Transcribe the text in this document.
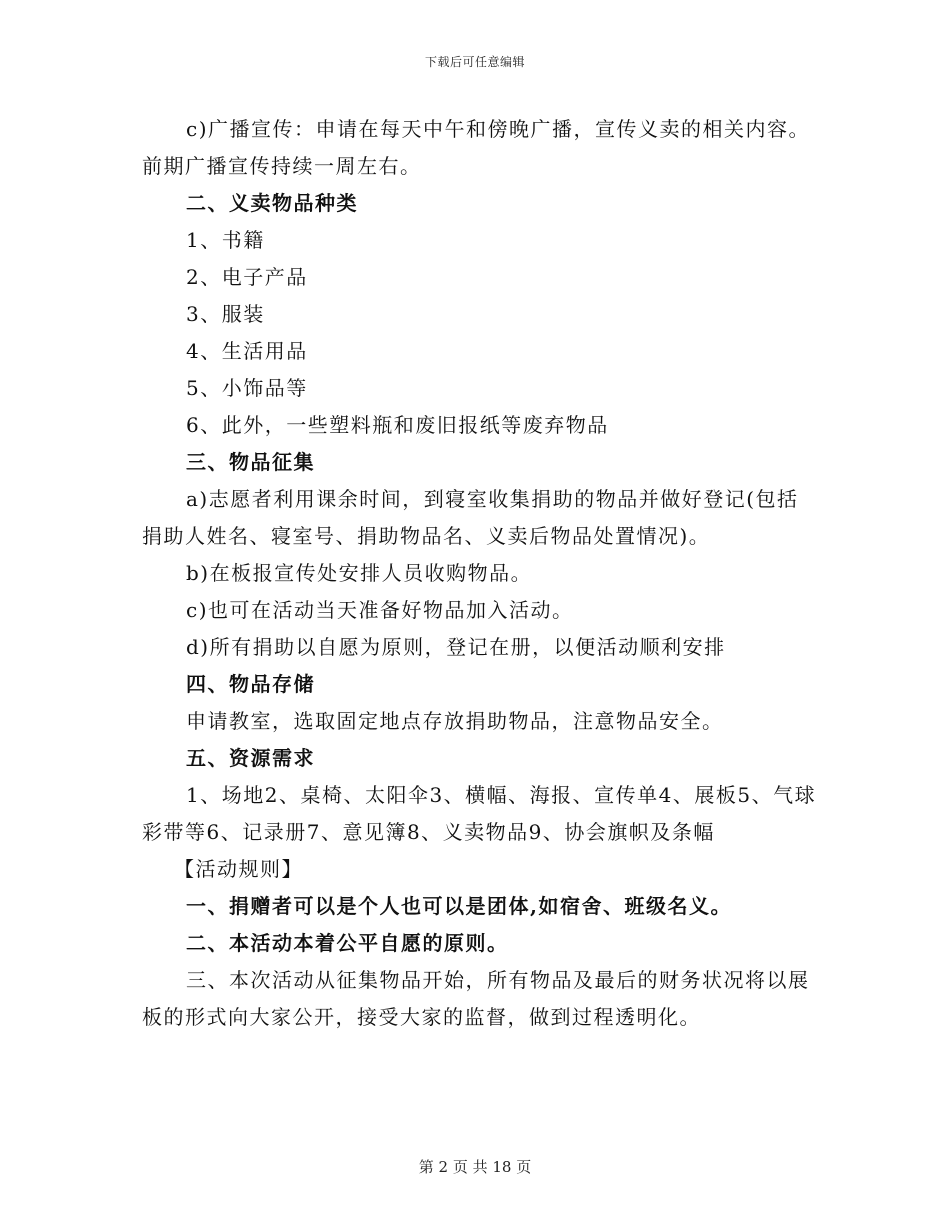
下载后可任意编辑

c)广播宣传：申请在每天中午和傍晚广播，宣传义卖的相关内容。前期广播宣传持续一周左右。

二、义卖物品种类

1、书籍

2、电子产品

3、服装

4、生活用品

5、小饰品等

6、此外，一些塑料瓶和废旧报纸等废弃物品

三、物品征集

a)志愿者利用课余时间，到寝室收集捐助的物品并做好登记(包括捐助人姓名、寝室号、捐助物品名、义卖后物品处置情况)。

b)在板报宣传处安排人员收购物品。

c)也可在活动当天准备好物品加入活动。

d)所有捐助以自愿为原则，登记在册，以便活动顺利安排

四、物品存储

申请教室，选取固定地点存放捐助物品，注意物品安全。

五、资源需求

1、场地2、桌椅、太阳伞3、横幅、海报、宣传单4、展板5、气球彩带等6、记录册7、意见簿8、义卖物品9、协会旗帜及条幅

【活动规则】

一、捐赠者可以是个人也可以是团体,如宿舍、班级名义。

二、本活动本着公平自愿的原则。

三、本次活动从征集物品开始，所有物品及最后的财务状况将以展板的形式向大家公开，接受大家的监督，做到过程透明化。

第 2 页 共 18 页
